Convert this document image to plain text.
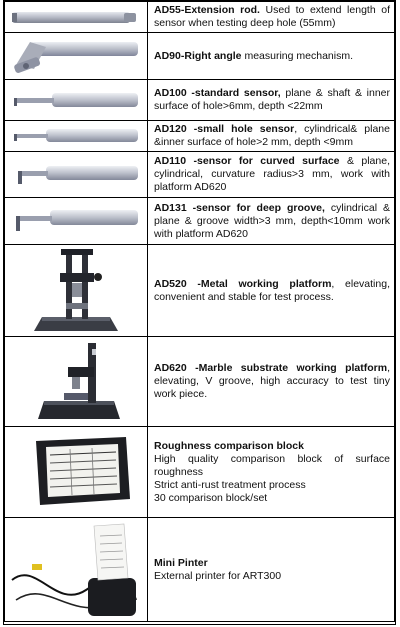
	AD55-Extension rod. Used to extend length of sensor when testing deep hole (55mm)

	AD90-Right angle measuring mechanism.

	AD100 -standard sensor, plane & shaft & inner surface of hole>6mm, depth <22mm

	AD120 -small hole sensor, cylindrical& plane &inner surface of hole>2 mm, depth <9mm

	AD110 -sensor for curved surface & plane, cylindrical, curvature radius>3 mm, work with platform AD620

	AD131 -sensor for deep groove, cylindrical & plane & groove width>3 mm, depth<10mm work with platform AD620

	AD520 -Metal working platform, elevating, convenient and stable for test process.

	AD620 -Marble substrate working platform, elevating, V groove, high accuracy to test tiny work piece.

Roughness comparison block
High quality comparison block of surface roughness
Strict anti-rust treatment process
30 comparison block/set

Mini Pinter
External printer for ART300
